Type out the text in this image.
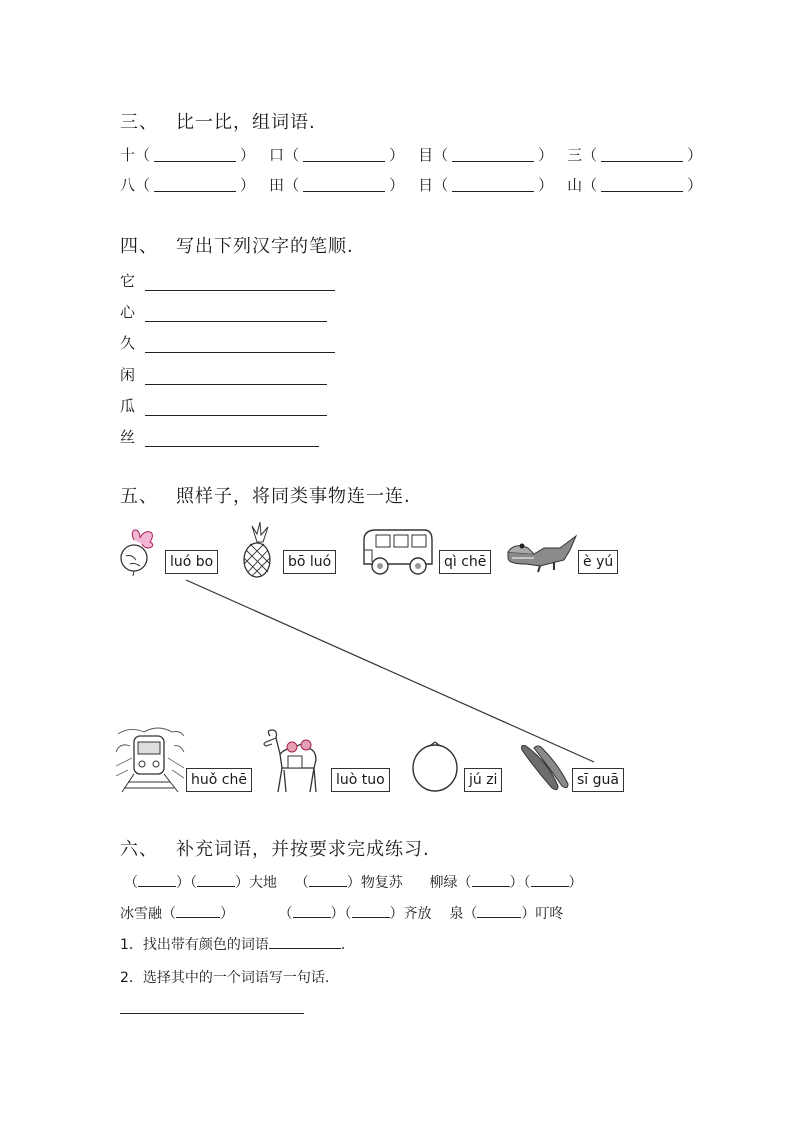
三、 比一比，组词语.
十 （	） 口 （	） 目 （	） 三 （	）
八 （	） 田 （	） 日 （	） 山 （	）
四、 写出下列汉字的笔顺.
它
心
久
闲
瓜
丝
五、 照样子，将同类事物连一连.
luó bo	bō luó	qì chē	è yú
huǒ chē	luò tuo	jú zi	sī guā
六、 补充词语，并按要求完成练习.
（	）（	）大地    （	）物复苏 柳绿（	）（	）
冰雪融（	）          （	）（	）齐放 泉（	）叮咚
1．找出带有颜色的词语	.
2．选择其中的一个词语写一句话.
